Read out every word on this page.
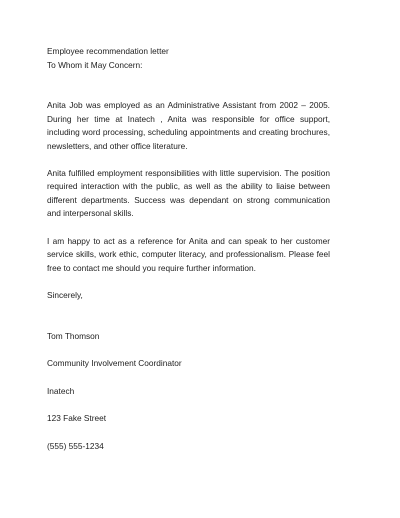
Employee recommendation letter
To Whom it May Concern:

Anita Job was employed as an Administrative Assistant from 2002 – 2005. During her time at Inatech , Anita was responsible for office support, including word processing, scheduling appointments and creating brochures, newsletters, and other office literature.

Anita fulfilled employment responsibilities with little supervision. The position required interaction with the public, as well as the ability to liaise between different departments. Success was dependant on strong communication and interpersonal skills.

I am happy to act as a reference for Anita and can speak to her customer service skills, work ethic, computer literacy, and professionalism. Please feel free to contact me should you require further information.

Sincerely,
Tom Thomson
Community Involvement Coordinator
Inatech
123 Fake Street
(555) 555-1234
